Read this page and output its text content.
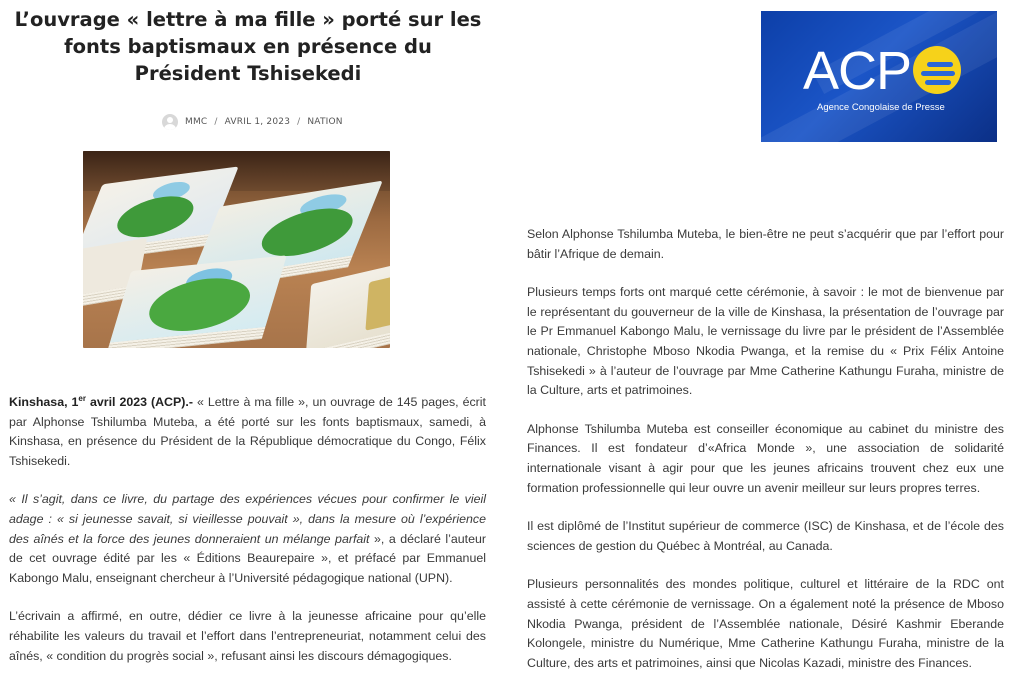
L’ouvrage « lettre à ma fille » porté sur les fonts baptismaux en présence du Président Tshisekedi
MMC / AVRIL 1, 2023 / NATION
ACP
Agence Congolaise de Presse

Kinshasa, 1er avril 2023 (ACP).- « Lettre à ma fille », un ouvrage de 145 pages, écrit par Alphonse Tshilumba Muteba, a été porté sur les fonts baptismaux, samedi, à Kinshasa, en présence du Président de la République démocratique du Congo, Félix Tshisekedi.

« Il s’agit, dans ce livre, du partage des expériences vécues pour confirmer le vieil adage : « si jeunesse savait, si vieillesse pouvait », dans la mesure où l’expérience des aînés et la force des jeunes donneraient un mélange parfait », a déclaré l’auteur de cet ouvrage édité par les « Éditions Beaurepaire », et préfacé par Emmanuel Kabongo Malu, enseignant chercheur à l’Université pédagogique national (UPN).

L’écrivain a affirmé, en outre, dédier ce livre à la jeunesse africaine pour qu’elle réhabilite les valeurs du travail et l’effort dans l’entrepreneuriat, notamment celui des aînés, « condition du progrès social », refusant ainsi les discours démagogiques.

Selon Alphonse Tshilumba Muteba, le bien-être ne peut s’acquérir que par l’effort pour bâtir l’Afrique de demain.

Plusieurs temps forts ont marqué cette cérémonie, à savoir : le mot de bienvenue par le représentant du gouverneur de la ville de Kinshasa, la présentation de l’ouvrage par le Pr Emmanuel Kabongo Malu, le vernissage du livre par le président de l’Assemblée nationale, Christophe Mboso Nkodia Pwanga, et la remise du « Prix Félix Antoine Tshisekedi » à l’auteur de l’ouvrage par Mme Catherine Kathungu Furaha, ministre de la Culture, arts et patrimoines.

Alphonse Tshilumba Muteba est conseiller économique au cabinet du ministre des Finances. Il est fondateur d’«Africa Monde », une association de solidarité internationale visant à agir pour que les jeunes africains trouvent chez eux une formation professionnelle qui leur ouvre un avenir meilleur sur leurs propres terres.

Il est diplômé de l’Institut supérieur de commerce (ISC) de Kinshasa, et de l’école des sciences de gestion du Québec à Montréal, au Canada.

Plusieurs personnalités des mondes politique, culturel et littéraire de la RDC ont assisté à cette cérémonie de vernissage. On a également noté la présence de Mboso Nkodia Pwanga, président de l’Assemblée nationale, Désiré Kashmir Eberande Kolongele, ministre du Numérique, Mme Catherine Kathungu Furaha, ministre de la Culture, des arts et patrimoines, ainsi que Nicolas Kazadi, ministre des Finances.
